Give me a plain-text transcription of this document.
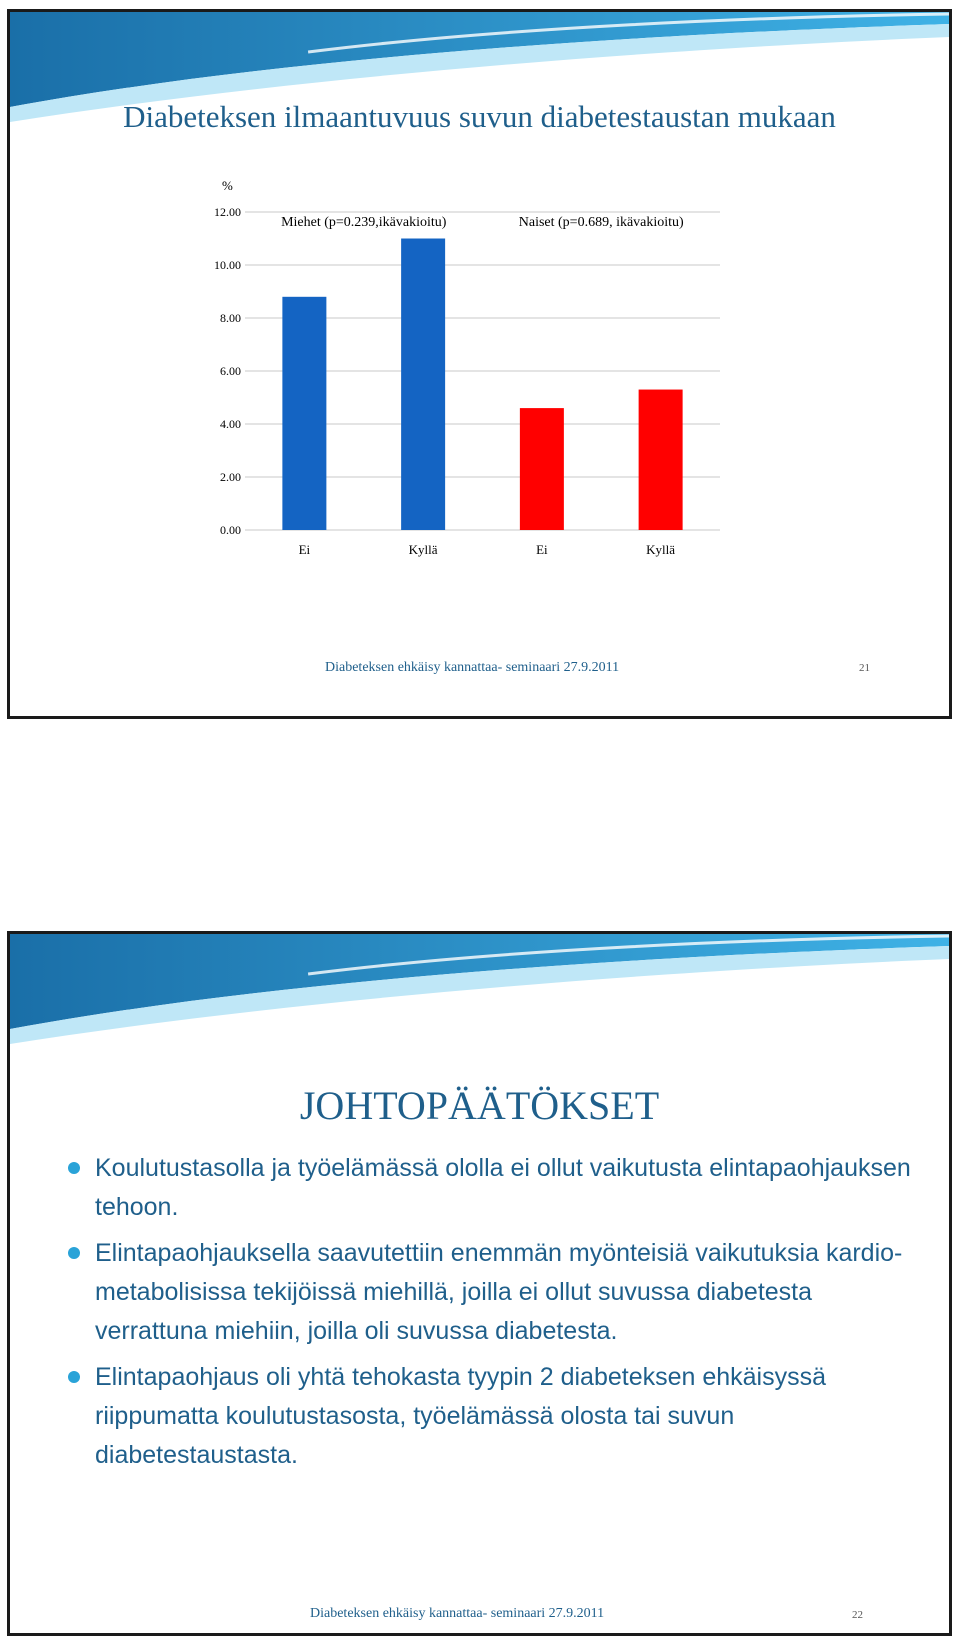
Diabeteksen ilmaantuvuus suvun diabetestaustan mukaan
%
0.00
2.00
4.00
6.00
8.00
10.00
12.00
Ei	Kyllä	Ei	Kyllä
Miehet (p=0.239,ikävakioitu)	Naiset (p=0.689, ikävakioitu)
Diabeteksen ehkäisy kannattaa- seminaari 27.9.2011	21
JOHTOPÄÄTÖKSET
Koulutustasolla ja työelämässä ololla ei ollut vaikutusta elintapaohjauksen tehoon.
Elintapaohjauksella saavutettiin enemmän myönteisiä vaikutuksia kardio-metabolisissa tekijöissä miehillä, joilla ei ollut suvussa diabetesta verrattuna miehiin, joilla oli suvussa diabetesta.
Elintapaohjaus oli yhtä tehokasta tyypin 2 diabeteksen ehkäisyssä riippumatta koulutustasosta, työelämässä olosta tai suvun diabetestaustasta.
Diabeteksen ehkäisy kannattaa- seminaari 27.9.2011	22
